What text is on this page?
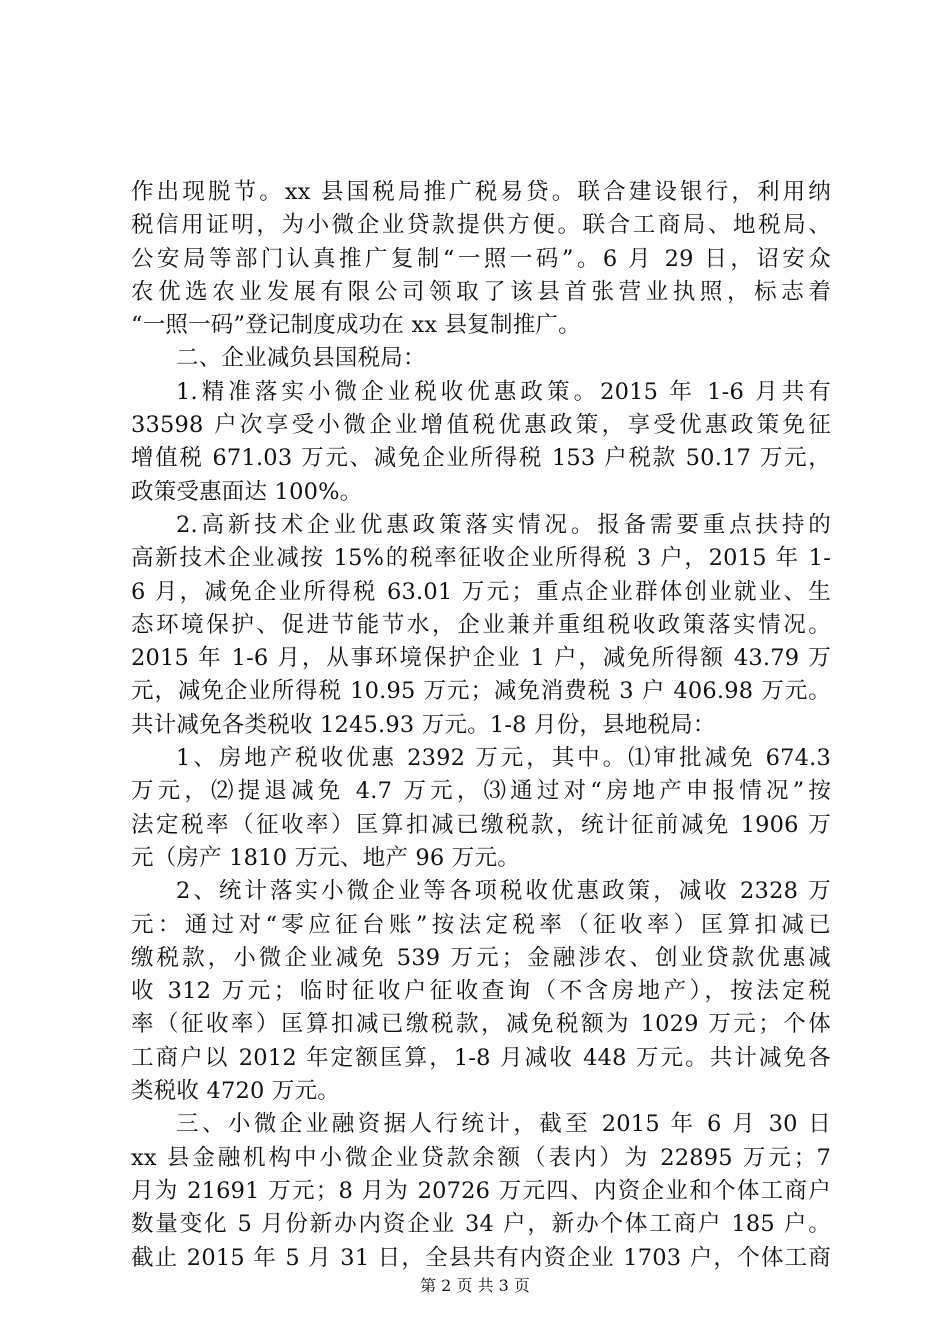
作出现脱节。xx 县国税局推广税易贷。联合建设银行，利用纳
税信用证明，为小微企业贷款提供方便。联合工商局、地税局、
公安局等部门认真推广复制“一照一码”。6 月 29 日，诏安众
农优选农业发展有限公司领取了该县首张营业执照，标志着
“一照一码”登记制度成功在 xx 县复制推广。
二、企业减负县国税局：
1.精准落实小微企业税收优惠政策。2015 年 1-6 月共有
33598 户次享受小微企业增值税优惠政策，享受优惠政策免征
增值税 671.03 万元、减免企业所得税 153 户税款 50.17 万元，
政策受惠面达 100%。
2.高新技术企业优惠政策落实情况。报备需要重点扶持的
高新技术企业减按 15%的税率征收企业所得税 3 户，2015 年 1-
6 月，减免企业所得税 63.01 万元；重点企业群体创业就业、生
态环境保护、促进节能节水，企业兼并重组税收政策落实情况。
2015 年 1-6 月，从事环境保护企业 1 户，减免所得额 43.79 万
元，减免企业所得税 10.95 万元；减免消费税 3 户 406.98 万元。
共计减免各类税收 1245.93 万元。1-8 月份，县地税局：
1、房地产税收优惠 2392 万元，其中。⑴审批减免 674.3
万元，⑵提退减免 4.7 万元，⑶通过对“房地产申报情况”按
法定税率（征收率）匡算扣减已缴税款，统计征前减免 1906 万
元（房产 1810 万元、地产 96 万元。
2、统计落实小微企业等各项税收优惠政策，减收 2328 万
元：通过对“零应征台账”按法定税率（征收率）匡算扣减已
缴税款，小微企业减免 539 万元；金融涉农、创业贷款优惠减
收 312 万元；临时征收户征收查询（不含房地产），按法定税
率（征收率）匡算扣减已缴税款，减免税额为 1029 万元；个体
工商户以 2012 年定额匡算，1-8 月减收 448 万元。共计减免各
类税收 4720 万元。
三、小微企业融资据人行统计，截至 2015 年 6 月 30 日
xx 县金融机构中小微企业贷款余额（表内）为 22895 万元；7
月为 21691 万元；8 月为 20726 万元四、内资企业和个体工商户
数量变化 5 月份新办内资企业 34 户，新办个体工商户 185 户。
截止 2015 年 5 月 31 日，全县共有内资企业 1703 户，个体工商
第 2 页 共 3 页
